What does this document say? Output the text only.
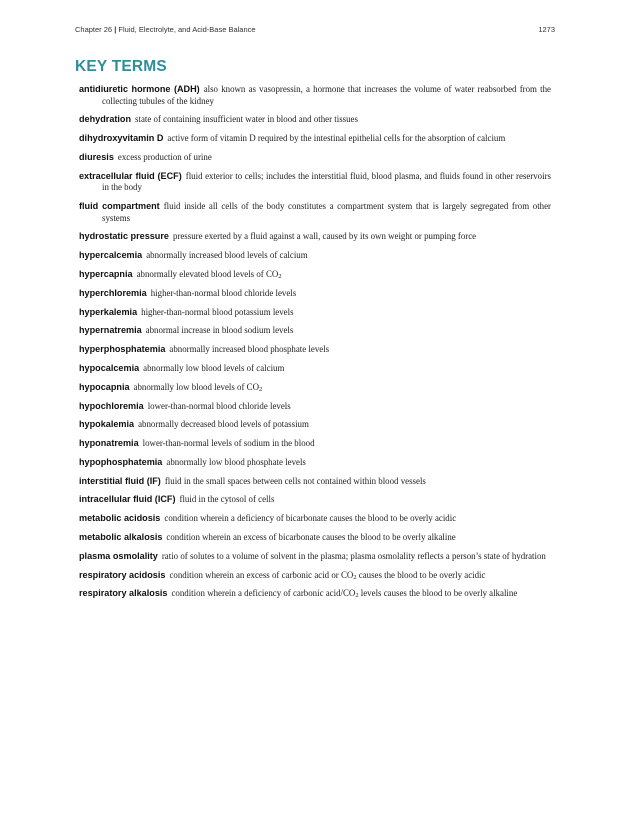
Chapter 26 | Fluid, Electrolyte, and Acid-Base Balance	1273
KEY TERMS
antidiuretic hormone (ADH) also known as vasopressin, a hormone that increases the volume of water reabsorbed from the collecting tubules of the kidney
dehydration state of containing insufficient water in blood and other tissues
dihydroxyvitamin D active form of vitamin D required by the intestinal epithelial cells for the absorption of calcium
diuresis excess production of urine
extracellular fluid (ECF) fluid exterior to cells; includes the interstitial fluid, blood plasma, and fluids found in other reservoirs in the body
fluid compartment fluid inside all cells of the body constitutes a compartment system that is largely segregated from other systems
hydrostatic pressure pressure exerted by a fluid against a wall, caused by its own weight or pumping force
hypercalcemia abnormally increased blood levels of calcium
hypercapnia abnormally elevated blood levels of $CO_2$
hyperchloremia higher-than-normal blood chloride levels
hyperkalemia higher-than-normal blood potassium levels
hypernatremia abnormal increase in blood sodium levels
hyperphosphatemia abnormally increased blood phosphate levels
hypocalcemia abnormally low blood levels of calcium
hypocapnia abnormally low blood levels of $CO_2$
hypochloremia lower-than-normal blood chloride levels
hypokalemia abnormally decreased blood levels of potassium
hyponatremia lower-than-normal levels of sodium in the blood
hypophosphatemia abnormally low blood phosphate levels
interstitial fluid (IF) fluid in the small spaces between cells not contained within blood vessels
intracellular fluid (ICF) fluid in the cytosol of cells
metabolic acidosis condition wherein a deficiency of bicarbonate causes the blood to be overly acidic
metabolic alkalosis condition wherein an excess of bicarbonate causes the blood to be overly alkaline
plasma osmolality ratio of solutes to a volume of solvent in the plasma; plasma osmolality reflects a person’s state of hydration
respiratory acidosis condition wherein an excess of carbonic acid or $CO_2$ causes the blood to be overly acidic
respiratory alkalosis condition wherein a deficiency of carbonic acid/$CO_2$ levels causes the blood to be overly alkaline
